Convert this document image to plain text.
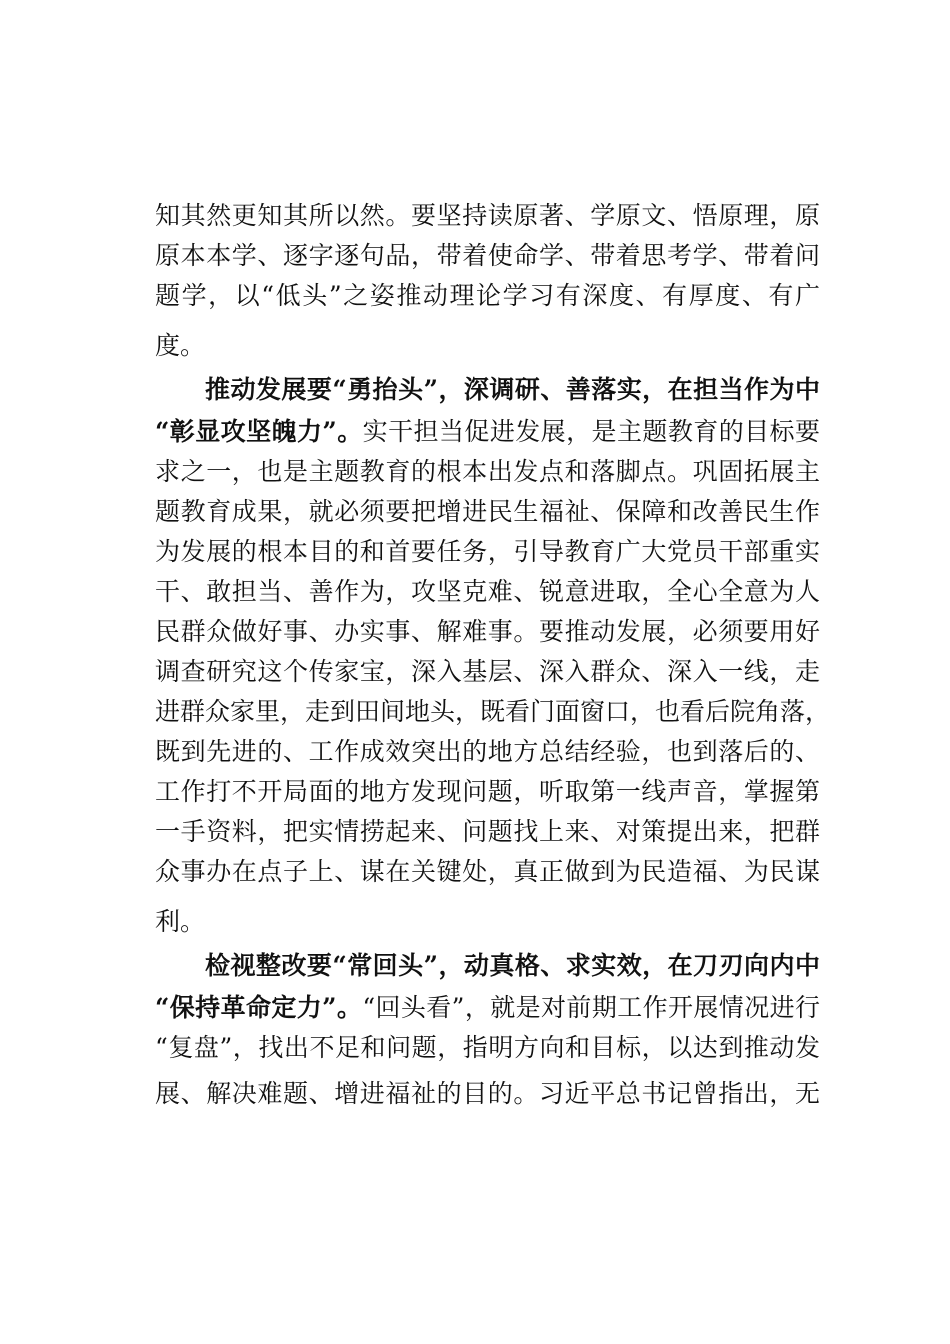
知其然更知其所以然。要坚持读原著、学原文、悟原理，原
原本本学、逐字逐句品，带着使命学、带着思考学、带着问
题学，以“低头”之姿推动理论学习有深度、有厚度、有广
度。
推动发展要“勇抬头”，深调研、善落实，在担当作为中
“彰显攻坚魄力”。实干担当促进发展，是主题教育的目标要
求之一，也是主题教育的根本出发点和落脚点。巩固拓展主
题教育成果，就必须要把增进民生福祉、保障和改善民生作
为发展的根本目的和首要任务，引导教育广大党员干部重实
干、敢担当、善作为，攻坚克难、锐意进取，全心全意为人
民群众做好事、办实事、解难事。要推动发展，必须要用好
调查研究这个传家宝，深入基层、深入群众、深入一线，走
进群众家里，走到田间地头，既看门面窗口，也看后院角落，
既到先进的、工作成效突出的地方总结经验，也到落后的、
工作打不开局面的地方发现问题，听取第一线声音，掌握第
一手资料，把实情捞起来、问题找上来、对策提出来，把群
众事办在点子上、谋在关键处，真正做到为民造福、为民谋
利。
检视整改要“常回头”，动真格、求实效，在刀刃向内中
“保持革命定力”。“回头看”，就是对前期工作开展情况进行
“复盘”，找出不足和问题，指明方向和目标，以达到推动发
展、解决难题、增进福祉的目的。习近平总书记曾指出，无
